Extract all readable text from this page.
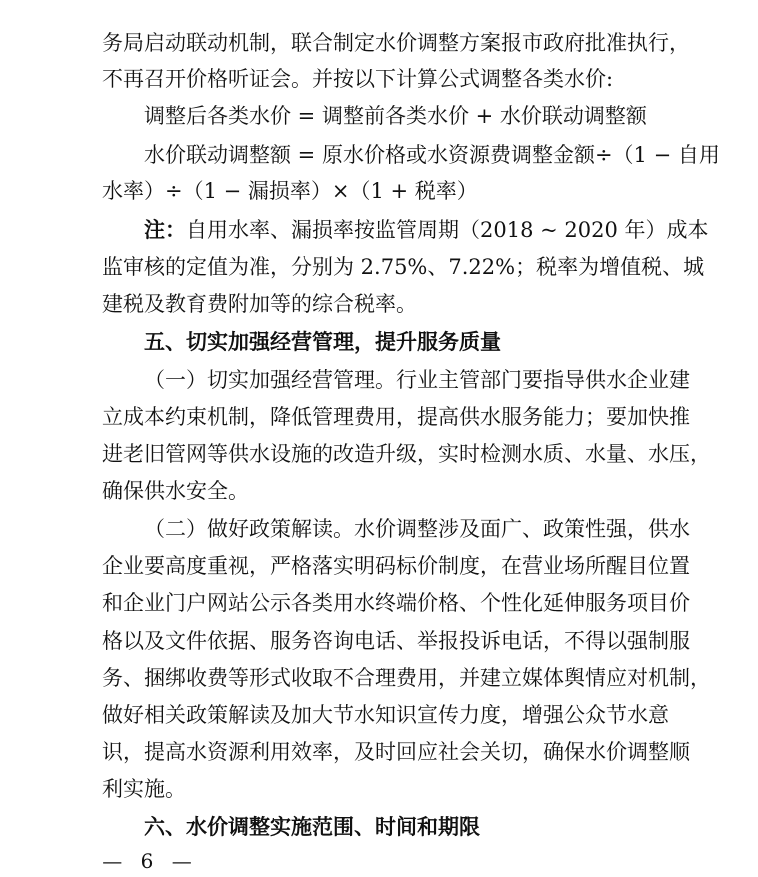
务局启动联动机制，联合制定水价调整方案报市政府批准执行，
不再召开价格听证会。并按以下计算公式调整各类水价:
调整后各类水价 = 调整前各类水价 + 水价联动调整额
水价联动调整额 = 原水价格或水资源费调整金额÷（1 − 自用
水率）÷（1 − 漏损率）×（1 + 税率）
注： 自用水率、漏损率按监管周期（2018 ~ 2020 年）成本
监审核的定值为准，分别为 2.75%、7.22%；税率为增值税、城
建税及教育费附加等的综合税率。
五、切实加强经营管理，提升服务质量
（一）切实加强经营管理。行业主管部门要指导供水企业建
立成本约束机制，降低管理费用，提高供水服务能力；要加快推
进老旧管网等供水设施的改造升级，实时检测水质、水量、水压，
确保供水安全。
（二）做好政策解读。水价调整涉及面广、政策性强，供水
企业要高度重视，严格落实明码标价制度，在营业场所醒目位置
和企业门户网站公示各类用水终端价格、个性化延伸服务项目价
格以及文件依据、服务咨询电话、举报投诉电话，不得以强制服
务、捆绑收费等形式收取不合理费用，并建立媒体舆情应对机制，
做好相关政策解读及加大节水知识宣传力度，增强公众节水意
识，提高水资源利用效率，及时回应社会关切，确保水价调整顺
利实施。
六、水价调整实施范围、时间和期限
— 6 —
